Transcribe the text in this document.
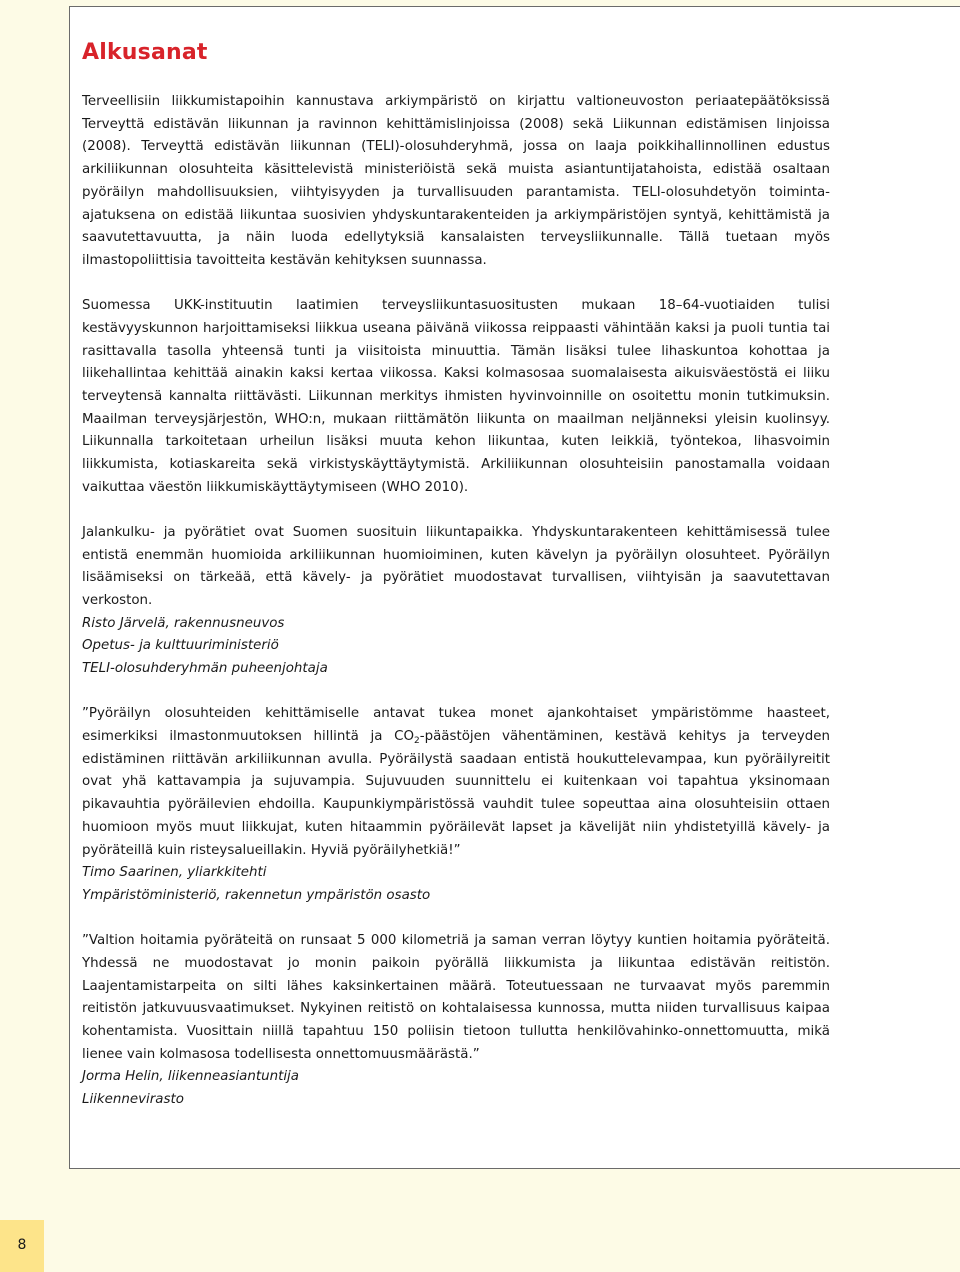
Alkusanat

Terveellisiin liikkumistapoihin kannustava arkiympäristö on kirjattu valtioneuvoston periaatepäätöksissä Terveyttä edistävän liikunnan ja ravinnon kehittämislinjoissa (2008) sekä Liikunnan edistämisen linjoissa (2008). Terveyttä edistävän liikunnan (TELI)-olosuhderyhmä, jossa on laaja poikkihallinnollinen edustus arkiliikunnan olosuhteita käsittelevistä ministeriöistä sekä muista asiantuntijatahoista, edistää osaltaan pyöräilyn mahdollisuuksien, viihtyisyyden ja turvallisuuden parantamista. TELI-olosuhdetyön toiminta-ajatuksena on edistää liikuntaa suosivien yhdyskuntarakenteiden ja arkiympäristöjen syntyä, kehittämistä ja saavutettavuutta, ja näin luoda edellytyksiä kansalaisten terveysliikunnalle. Tällä tuetaan myös ilmastopoliittisia tavoitteita kestävän kehityksen suunnassa.

Suomessa UKK-instituutin laatimien terveysliikuntasuositusten mukaan 18–64-vuotiaiden tulisi kestävyyskunnon harjoittamiseksi liikkua useana päivänä viikossa reippaasti vähintään kaksi ja puoli tuntia tai rasittavalla tasolla yhteensä tunti ja viisitoista minuuttia. Tämän lisäksi tulee lihaskuntoa kohottaa ja liikehallintaa kehittää ainakin kaksi kertaa viikossa. Kaksi kolmasosaa suomalaisesta aikuisväestöstä ei liiku terveytensä kannalta riittävästi. Liikunnan merkitys ihmisten hyvinvoinnille on osoitettu monin tutkimuksin. Maailman terveysjärjestön, WHO:n, mukaan riittämätön liikunta on maailman neljänneksi yleisin kuolinsyy. Liikunnalla tarkoitetaan urheilun lisäksi muuta kehon liikuntaa, kuten leikkiä, työntekoa, lihasvoimin liikkumista, kotiaskareita sekä virkistyskäyttäytymistä. Arkiliikunnan olosuhteisiin panostamalla voidaan vaikuttaa väestön liikkumiskäyttäytymiseen (WHO 2010).

Jalankulku- ja pyörätiet ovat Suomen suosituin liikuntapaikka. Yhdyskuntarakenteen kehittämisessä tulee entistä enemmän huomioida arkiliikunnan huomioiminen, kuten kävelyn ja pyöräilyn olosuhteet. Pyöräilyn lisäämiseksi on tärkeää, että kävely- ja pyörätiet muodostavat turvallisen, viihtyisän ja saavutettavan verkoston.

Risto Järvelä, rakennusneuvos

Opetus- ja kulttuuriministeriö

TELI-olosuhderyhmän puheenjohtaja

”Pyöräilyn olosuhteiden kehittämiselle antavat tukea monet ajankohtaiset ympäristömme haasteet, esimerkiksi ilmastonmuutoksen hillintä ja $CO_2$-päästöjen vähentäminen, kestävä kehitys ja terveyden edistäminen riittävän arkiliikunnan avulla. Pyöräilystä saadaan entistä houkuttelevampaa, kun pyöräilyreitit ovat yhä kattavampia ja sujuvampia. Sujuvuuden suunnittelu ei kuitenkaan voi tapahtua yksinomaan pikavauhtia pyöräilevien ehdoilla. Kaupunkiympäristössä vauhdit tulee sopeuttaa aina olosuhteisiin ottaen huomioon myös muut liikkujat, kuten hitaammin pyöräilevät lapset ja kävelijät niin yhdistetyillä kävely- ja pyöräteillä kuin risteysalueillakin. Hyviä pyöräilyhetkiä!”

Timo Saarinen, yliarkkitehti

Ympäristöministeriö, rakennetun ympäristön osasto

”Valtion hoitamia pyöräteitä on runsaat 5 000 kilometriä ja saman verran löytyy kuntien hoitamia pyöräteitä. Yhdessä ne muodostavat jo monin paikoin pyörällä liikkumista ja liikuntaa edistävän reitistön. Laajentamistarpeita on silti lähes kaksinkertainen määrä. Toteutuessaan ne turvaavat myös paremmin reitistön jatkuvuusvaatimukset. Nykyinen reitistö on kohtalaisessa kunnossa, mutta niiden turvallisuus kaipaa kohentamista. Vuosittain niillä tapahtuu 150 poliisin tietoon tullutta henkilövahinko-onnettomuutta, mikä lienee vain kolmasosa todellisesta onnettomuusmäärästä.”

Jorma Helin, liikenneasiantuntija

Liikennevirasto

8
